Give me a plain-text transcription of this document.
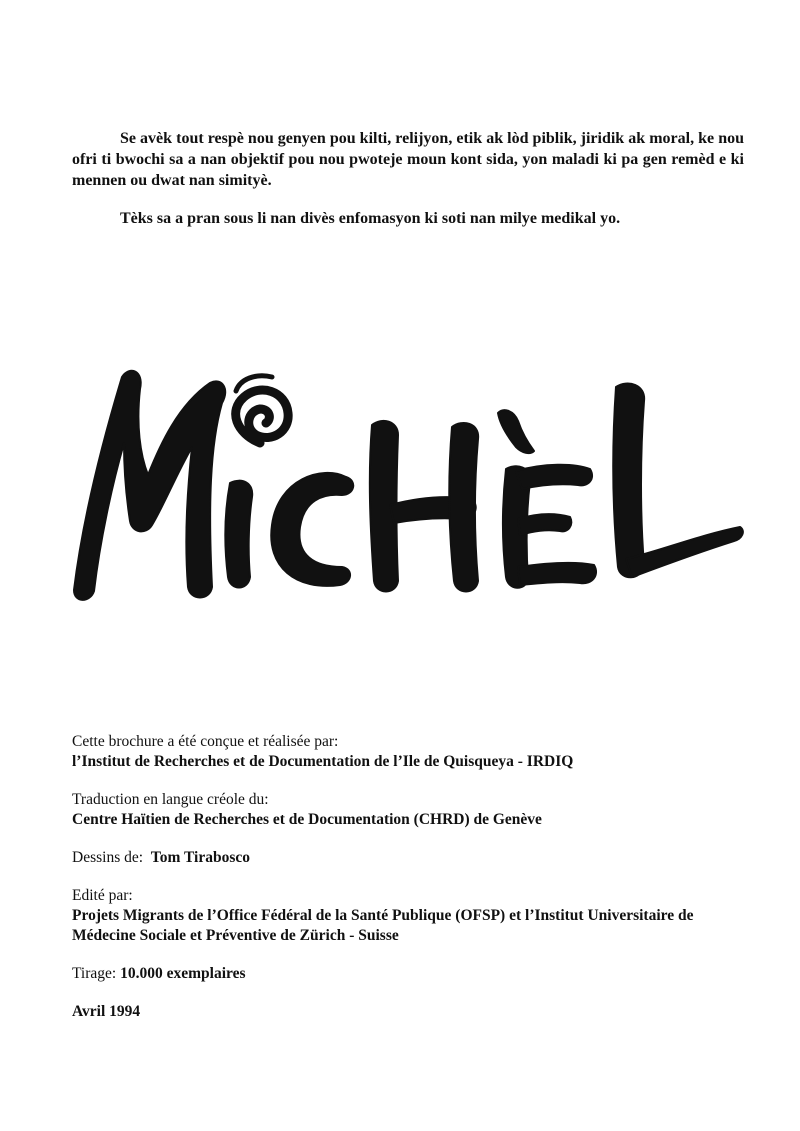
Se avèk tout respè nou genyen pou kilti, relijyon, etik ak lòd piblik, jiridik ak moral, ke nou ofri ti bwochi sa a nan objektif pou nou pwoteje moun kont sida, yon maladi ki pa gen remèd e ki mennen ou dwat nan simityè.

Tèks sa a pran sous li nan divès enfomasyon ki soti nan milye medikal yo.

Cette brochure a été conçue et réalisée par:
l’Institut de Recherches et de Documentation de l’Ile de Quisqueya - IRDIQ
Traduction en langue créole du:
Centre Haïtien de Recherches et de Documentation (CHRD) de Genève
Dessins de: Tom Tirabosco
Edité par:
Projets Migrants de l’Office Fédéral de la Santé Publique (OFSP) et l’Institut Universitaire de
Médecine Sociale et Préventive de Zürich - Suisse
Tirage: 10.000 exemplaires
Avril 1994
